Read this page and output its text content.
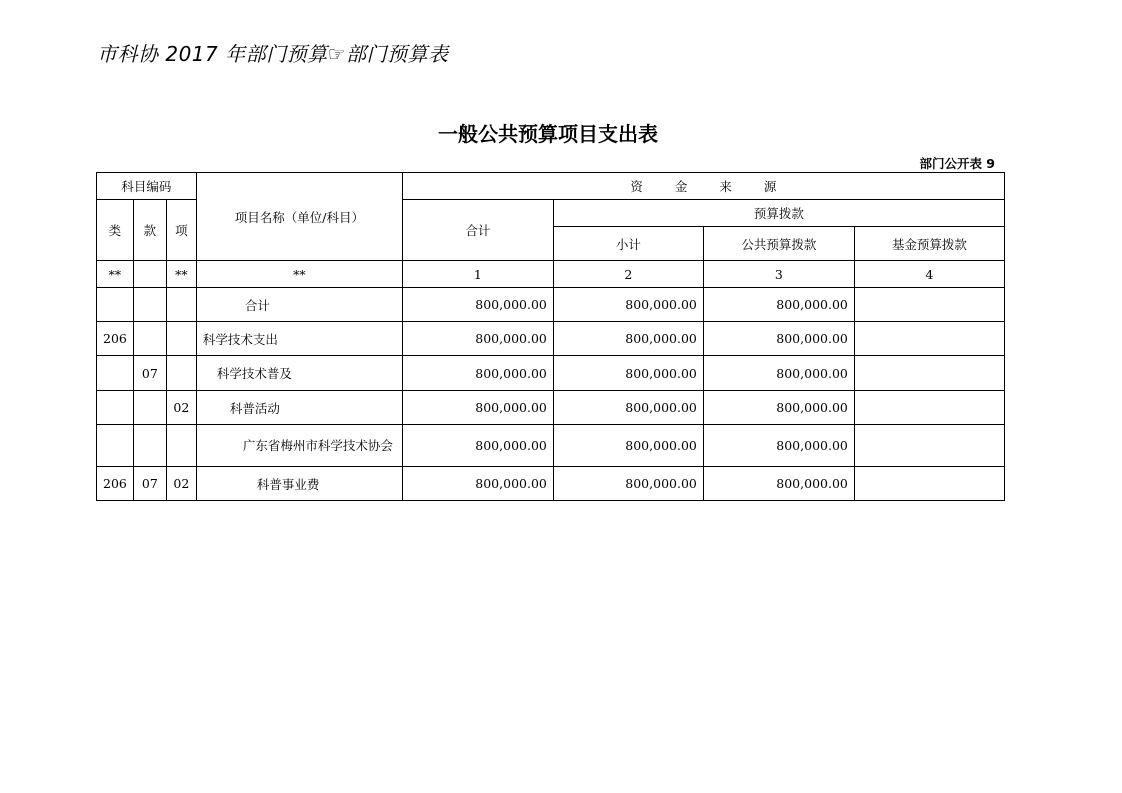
市科协 2017 年部门预算☞部门预算表
一般公共预算项目支出表
部门公开表 9
科目编码			项目名称（单位/科目）	资 金 来 源			
类	款	项		合计	预算拨款		
					小计	公共预算拨款	基金预算拨款
**		**	**	1	2	3	4
			合计	800,000.00	800,000.00	800,000.00	
206			科学技术支出	800,000.00	800,000.00	800,000.00	
	07		科学技术普及	800,000.00	800,000.00	800,000.00	
		02	科普活动	800,000.00	800,000.00	800,000.00	
			广东省梅州市科学技术协会	800,000.00	800,000.00	800,000.00	
206	07	02	科普事业费	800,000.00	800,000.00	800,000.00	
